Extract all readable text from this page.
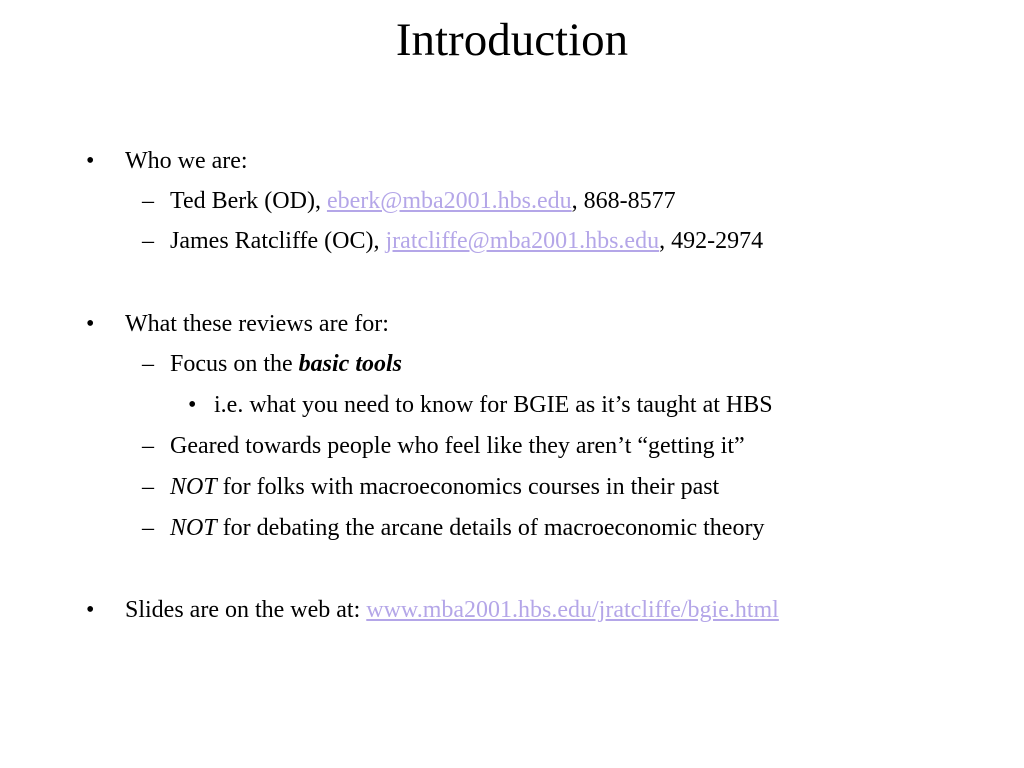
Introduction
• Who we are:
– Ted Berk (OD), eberk@mba2001.hbs.edu, 868-8577
– James Ratcliffe (OC), jratcliffe@mba2001.hbs.edu, 492-2974
• What these reviews are for:
– Focus on the basic tools
• i.e. what you need to know for BGIE as it’s taught at HBS
– Geared towards people who feel like they aren’t “getting it”
– NOT for folks with macroeconomics courses in their past
– NOT for debating the arcane details of macroeconomic theory
• Slides are on the web at: www.mba2001.hbs.edu/jratcliffe/bgie.html
